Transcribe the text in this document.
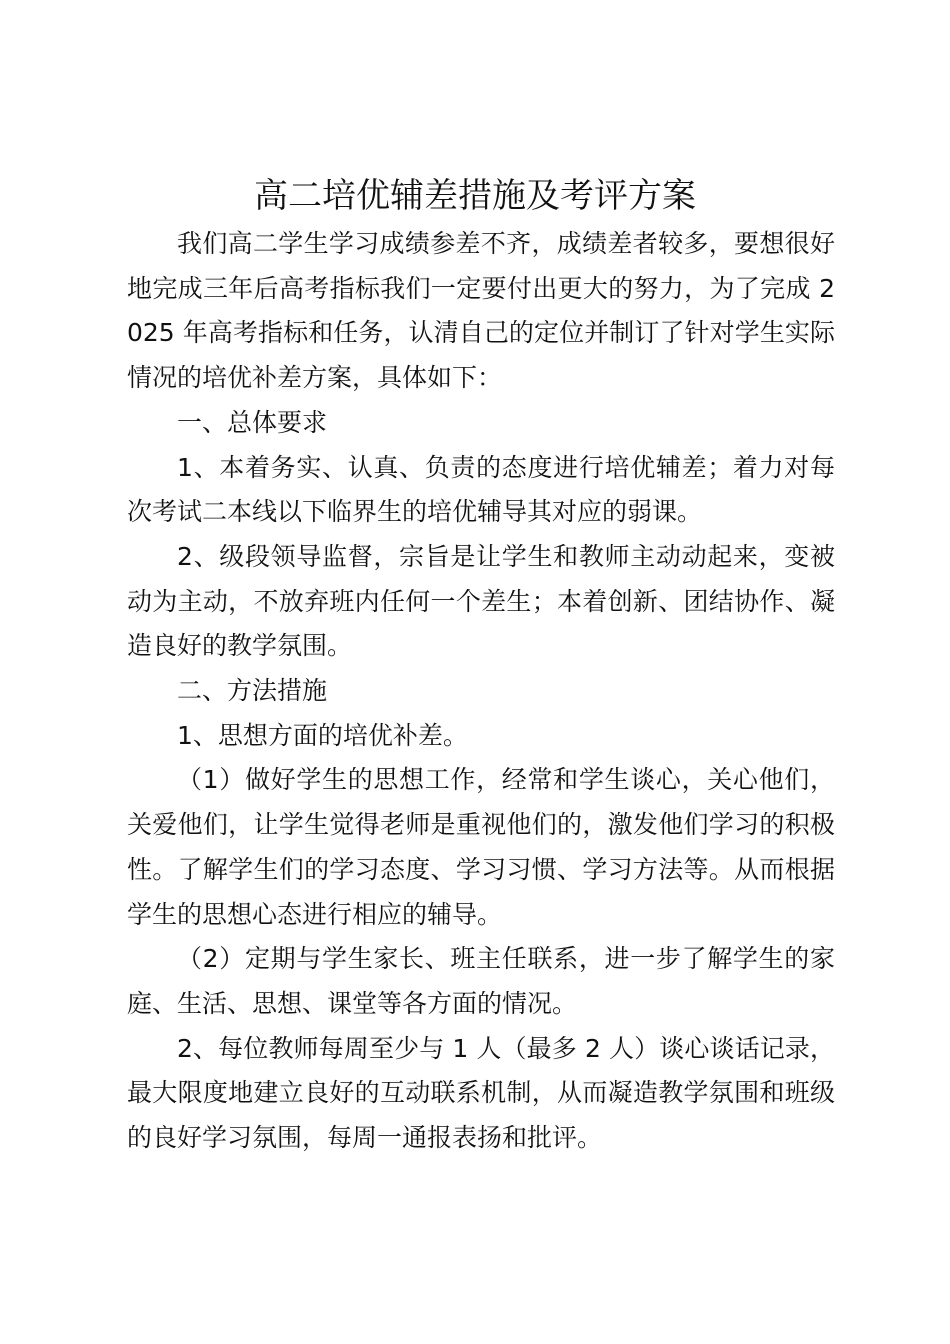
高二培优辅差措施及考评方案

我们高二学生学习成绩参差不齐，成绩差者较多，要想很好地完成三年后高考指标我们一定要付出更大的努力，为了完成 2025 年高考指标和任务，认清自己的定位并制订了针对学生实际情况的培优补差方案，具体如下：

一、总体要求

1、本着务实、认真、负责的态度进行培优辅差；着力对每次考试二本线以下临界生的培优辅导其对应的弱课。

2、级段领导监督，宗旨是让学生和教师主动动起来，变被动为主动，不放弃班内任何一个差生；本着创新、团结协作、凝造良好的教学氛围。

二、方法措施

1、思想方面的培优补差。

（1）做好学生的思想工作，经常和学生谈心，关心他们，关爱他们，让学生觉得老师是重视他们的，激发他们学习的积极性。了解学生们的学习态度、学习习惯、学习方法等。从而根据学生的思想心态进行相应的辅导。

（2）定期与学生家长、班主任联系，进一步了解学生的家庭、生活、思想、课堂等各方面的情况。

2、每位教师每周至少与 1 人（最多 2 人）谈心谈话记录，最大限度地建立良好的互动联系机制，从而凝造教学氛围和班级的良好学习氛围，每周一通报表扬和批评。
